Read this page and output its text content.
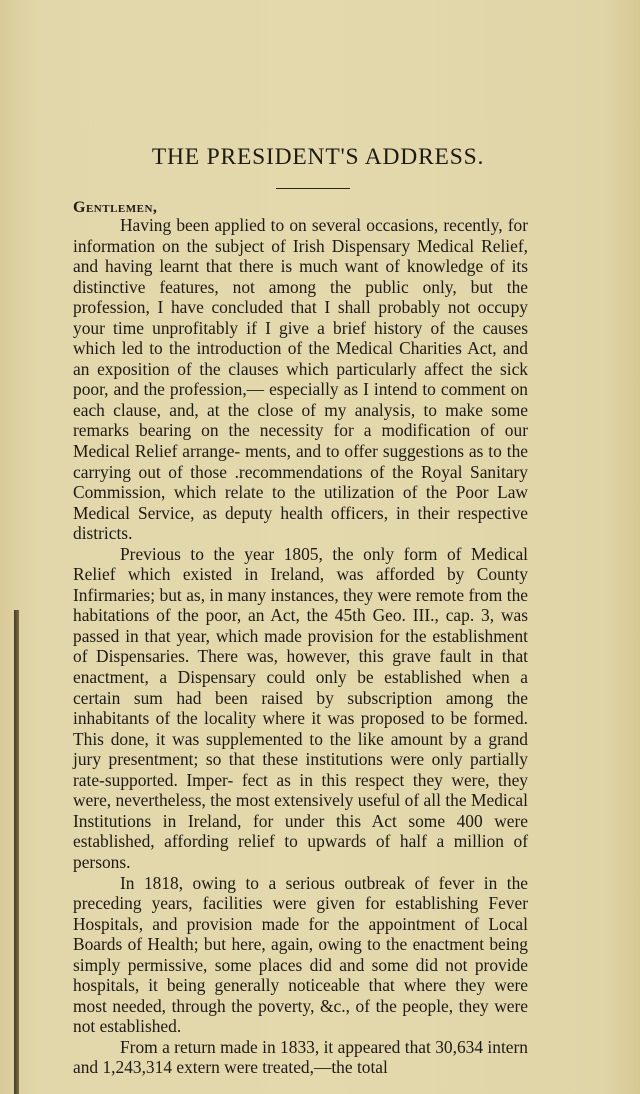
THE PRESIDENT'S ADDRESS.
Gentlemen,

Having been applied to on several occasions, recently, for information on the subject of Irish Dispensary Medical Relief, and having learnt that there is much want of knowledge of its distinctive features, not among the public only, but the profession, I have concluded that I shall probably not occupy your time unprofitably if I give a brief history of the causes which led to the introduction of the Medical Charities Act, and an exposition of the clauses which particularly affect the sick poor, and the profession,— especially as I intend to comment on each clause, and, at the close of my analysis, to make some remarks bearing on the necessity for a modification of our Medical Relief arrange- ments, and to offer suggestions as to the carrying out of those .recommendations of the Royal Sanitary Commission, which relate to the utilization of the Poor Law Medical Service, as deputy health officers, in their respective districts.

Previous to the year 1805, the only form of Medical Relief which existed in Ireland, was afforded by County Infirmaries; but as, in many instances, they were remote from the habitations of the poor, an Act, the 45th Geo. III., cap. 3, was passed in that year, which made provision for the establishment of Dispensaries. There was, however, this grave fault in that enactment, a Dispensary could only be established when a certain sum had been raised by subscription among the inhabitants of the locality where it was proposed to be formed. This done, it was supplemented to the like amount by a grand jury presentment; so that these institutions were only partially rate-supported. Imper- fect as in this respect they were, they were, nevertheless, the most extensively useful of all the Medical Institutions in Ireland, for under this Act some 400 were established, affording relief to upwards of half a million of persons.

In 1818, owing to a serious outbreak of fever in the preceding years, facilities were given for establishing Fever Hospitals, and provision made for the appointment of Local Boards of Health; but here, again, owing to the enactment being simply permissive, some places did and some did not provide hospitals, it being generally noticeable that where they were most needed, through the poverty, &c., of the people, they were not established.

From a return made in 1833, it appeared that 30,634 intern and 1,243,314 extern were treated,—the total
